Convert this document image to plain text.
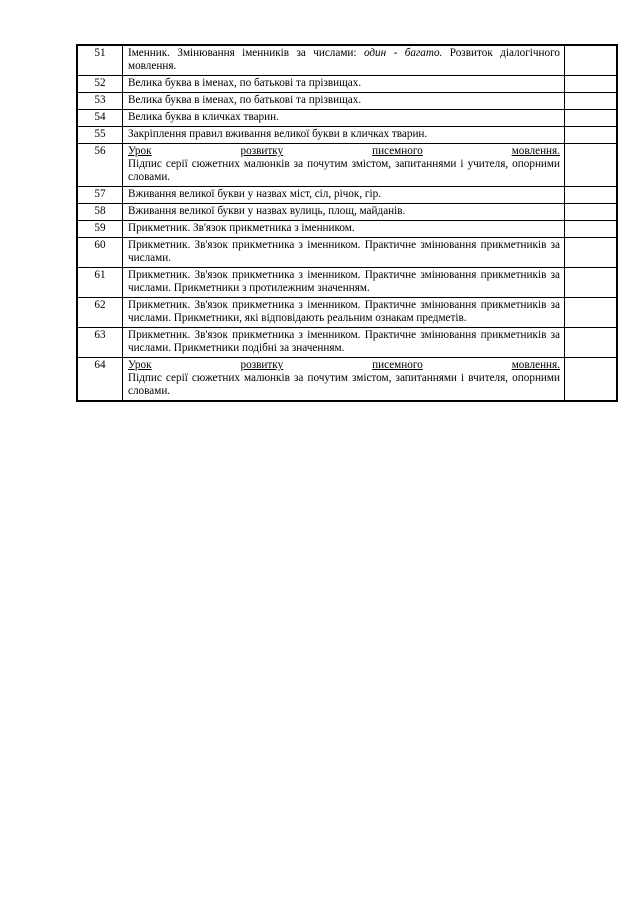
51	Іменник. Змінювання іменників за числами: один - багато. Розвиток діалогічного мовлення.	
52	Велика буква в іменах, по батькові та прізвищах.	
53	Велика буква в іменах, по батькові та прізвищах.	
54	Велика буква в кличках тварин.	
55	Закріплення правил вживання великої букви в кличках тварин.	
56	Урок розвитку писемного мовлення.
Підпис серії сюжетних малюнків за почутим змістом, запитаннями і учителя, опорними словами.	

57	Вживання великої букви у назвах міст, сіл, річок, гір.	
58	Вживання великої букви у назвах вулиць, площ, майданів.	
59	Прикметник. Зв'язок прикметника з іменником.	
60	Прикметник. Зв'язок прикметника з іменником. Практичне змінювання прикметників за числами.	
61	Прикметник. Зв'язок прикметника з іменником. Практичне змінювання прикметників за числами. Прикметники з протилежним значенням.	
62	Прикметник. Зв'язок прикметника з іменником. Практичне змінювання прикметників за числами. Прикметники, які відповідають реальним ознакам предметів.	
63	Прикметник. Зв'язок прикметника з іменником. Практичне змінювання прикметників за числами. Прикметники подібні за значенням.	
64	Урок розвитку писемного мовлення.
Підпис серії сюжетних малюнків за почутим змістом, запитаннями і вчителя, опорними словами.	
